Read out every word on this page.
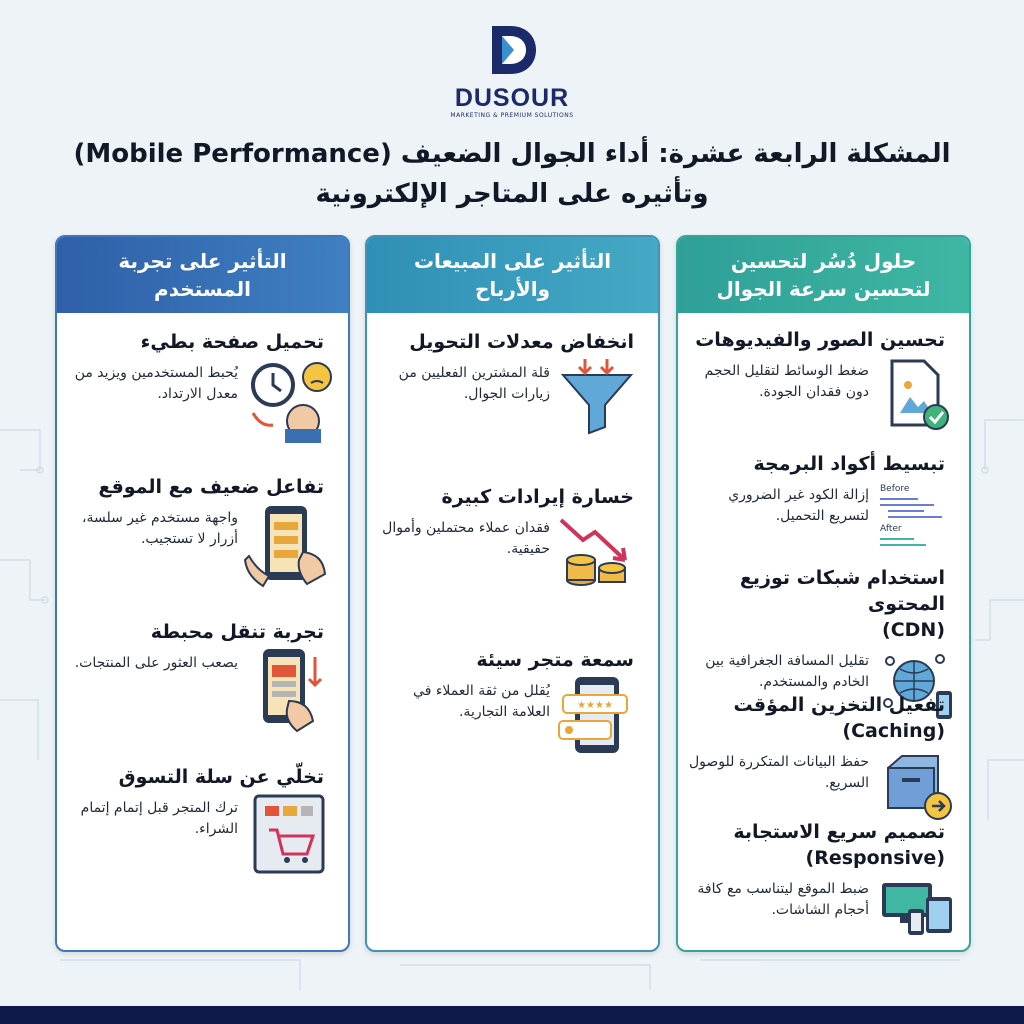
DUSOUR
MARKETING & PREMIUM SOLUTIONS
المشكلة الرابعة عشرة: أداء الجوال الضعيف (Mobile Performance)
وتأثيره على المتاجر الإلكترونية
التأثير على تجربة
المستخدم
تحميل صفحة بطيء
يُحبط المستخدمين ويزيد من معدل الارتداد.
تفاعل ضعيف مع الموقع
واجهة مستخدم غير سلسة، أزرار لا تستجيب.
تجربة تنقل محبطة
يصعب العثور على المنتجات.
تخلّي عن سلة التسوق
ترك المتجر قبل إتمام إتمام الشراء.
التأثير على المبيعات
والأرباح
انخفاض معدلات التحويل
قلة المشترين الفعليين من زيارات الجوال.
خسارة إيرادات كبيرة
فقدان عملاء محتملين وأموال حقيقية.
سمعة متجر سيئة
يُقلل من ثقة العملاء في العلامة التجارية.	★★★★
حلول دُسُر لتحسين
لتحسين سرعة الجوال
تحسين الصور والفيديوهات
ضغط الوسائط لتقليل الحجم دون فقدان الجودة.
تبسيط أكواد البرمجة
إزالة الكود غير الضروري لتسريع التحميل.
Before
After
استخدام شبكات توزيع المحتوى
(CDN)
تقليل المسافة الجغرافية بين الخادم والمستخدم.
تفعيل التخزين المؤقت
(Caching)
حفظ البيانات المتكررة للوصول السريع.
تصميم سريع الاستجابة
(Responsive)
ضبط الموقع ليتناسب مع كافة أحجام الشاشات.
